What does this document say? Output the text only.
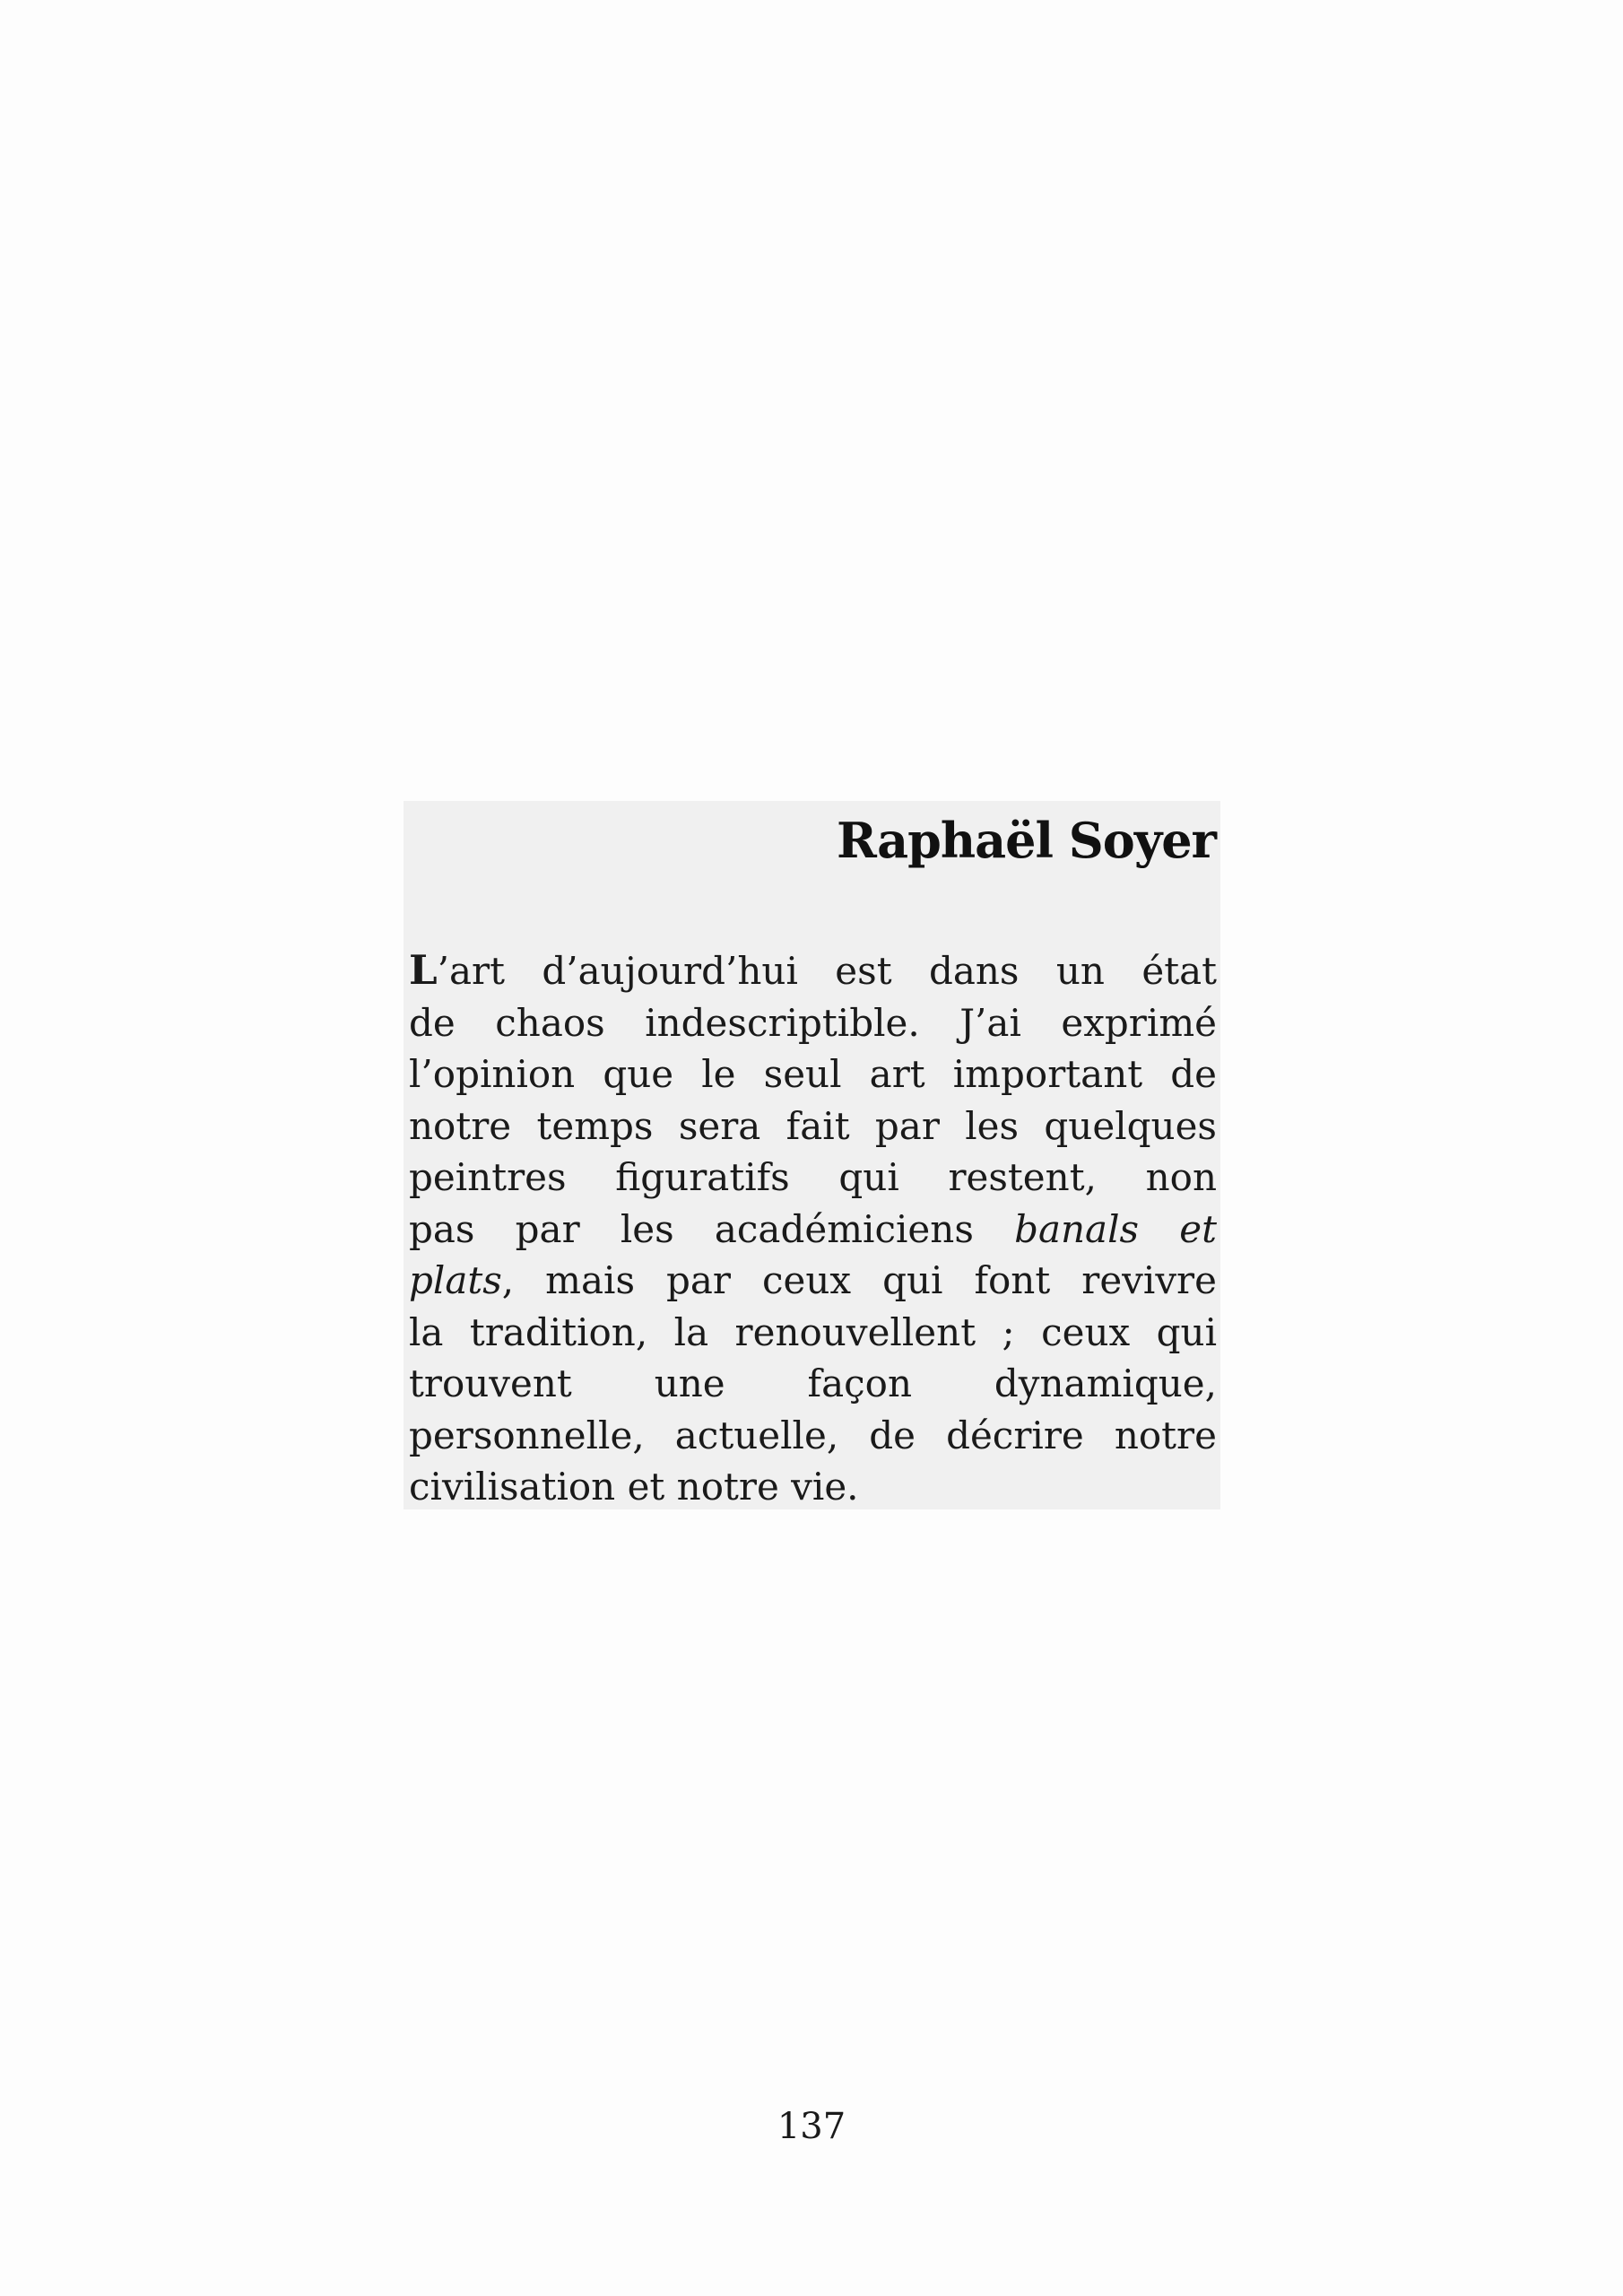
Raphaël Soyer

L’art d’aujourd’hui est dans un état
de chaos indescriptible. J’ai exprimé
l’opinion que le seul art important de
notre temps sera fait par les quelques
peintres figuratifs qui restent, non
pas par les académiciens banals et
plats, mais par ceux qui font revivre
la tradition, la renouvellent ; ceux qui
trouvent une façon dynamique,
personnelle, actuelle, de décrire notre
civilisation et notre vie.

137
